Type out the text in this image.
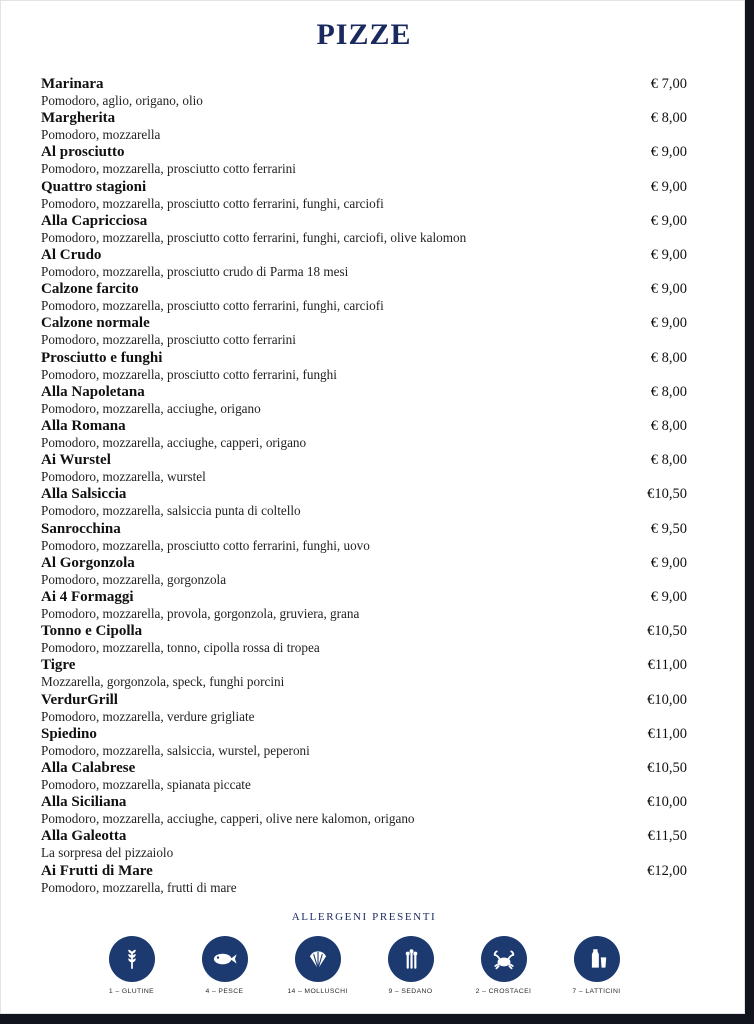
PIZZE
Marinara	€ 7,00
Pomodoro, aglio, origano, olio
Margherita	€ 8,00
Pomodoro, mozzarella
Al prosciutto	€ 9,00
Pomodoro, mozzarella, prosciutto cotto ferrarini
Quattro stagioni	€ 9,00
Pomodoro, mozzarella, prosciutto cotto ferrarini, funghi, carciofi
Alla Capricciosa	€ 9,00
Pomodoro, mozzarella, prosciutto cotto ferrarini, funghi, carciofi, olive kalomon
Al Crudo	€ 9,00
Pomodoro, mozzarella, prosciutto crudo di Parma 18 mesi
Calzone farcito	€ 9,00
Pomodoro, mozzarella, prosciutto cotto ferrarini, funghi, carciofi
Calzone normale	€ 9,00
Pomodoro, mozzarella, prosciutto cotto ferrarini
Prosciutto e funghi	€ 8,00
Pomodoro, mozzarella, prosciutto cotto ferrarini, funghi
Alla Napoletana	€ 8,00
Pomodoro, mozzarella, acciughe, origano
Alla Romana	€ 8,00
Pomodoro, mozzarella, acciughe, capperi, origano
Ai Wurstel	€ 8,00
Pomodoro, mozzarella, wurstel
Alla Salsiccia	€10,50
Pomodoro, mozzarella, salsiccia punta di coltello
Sanrocchina	€ 9,50
Pomodoro, mozzarella, prosciutto cotto ferrarini, funghi, uovo
Al Gorgonzola	€ 9,00
Pomodoro, mozzarella, gorgonzola
Ai 4 Formaggi	€ 9,00
Pomodoro, mozzarella, provola, gorgonzola, gruviera, grana
Tonno e Cipolla	€10,50
Pomodoro, mozzarella, tonno, cipolla rossa di tropea
Tigre	€11,00
Mozzarella, gorgonzola, speck, funghi porcini
VerdurGrill	€10,00
Pomodoro, mozzarella, verdure grigliate
Spiedino	€11,00
Pomodoro, mozzarella, salsiccia, wurstel, peperoni
Alla Calabrese	€10,50
Pomodoro, mozzarella, spianata piccate
Alla Siciliana	€10,00
Pomodoro, mozzarella, acciughe, capperi, olive nere kalomon, origano
Alla Galeotta	€11,50
La sorpresa del pizzaiolo
Ai Frutti di Mare	€12,00
Pomodoro, mozzarella, frutti di mare
ALLERGENI PRESENTI
1 – GLUTINE	4 – PESCE	14 – MOLLUSCHI	9 – SEDANO	2 – CROSTACEI	7 – LATTICINI
